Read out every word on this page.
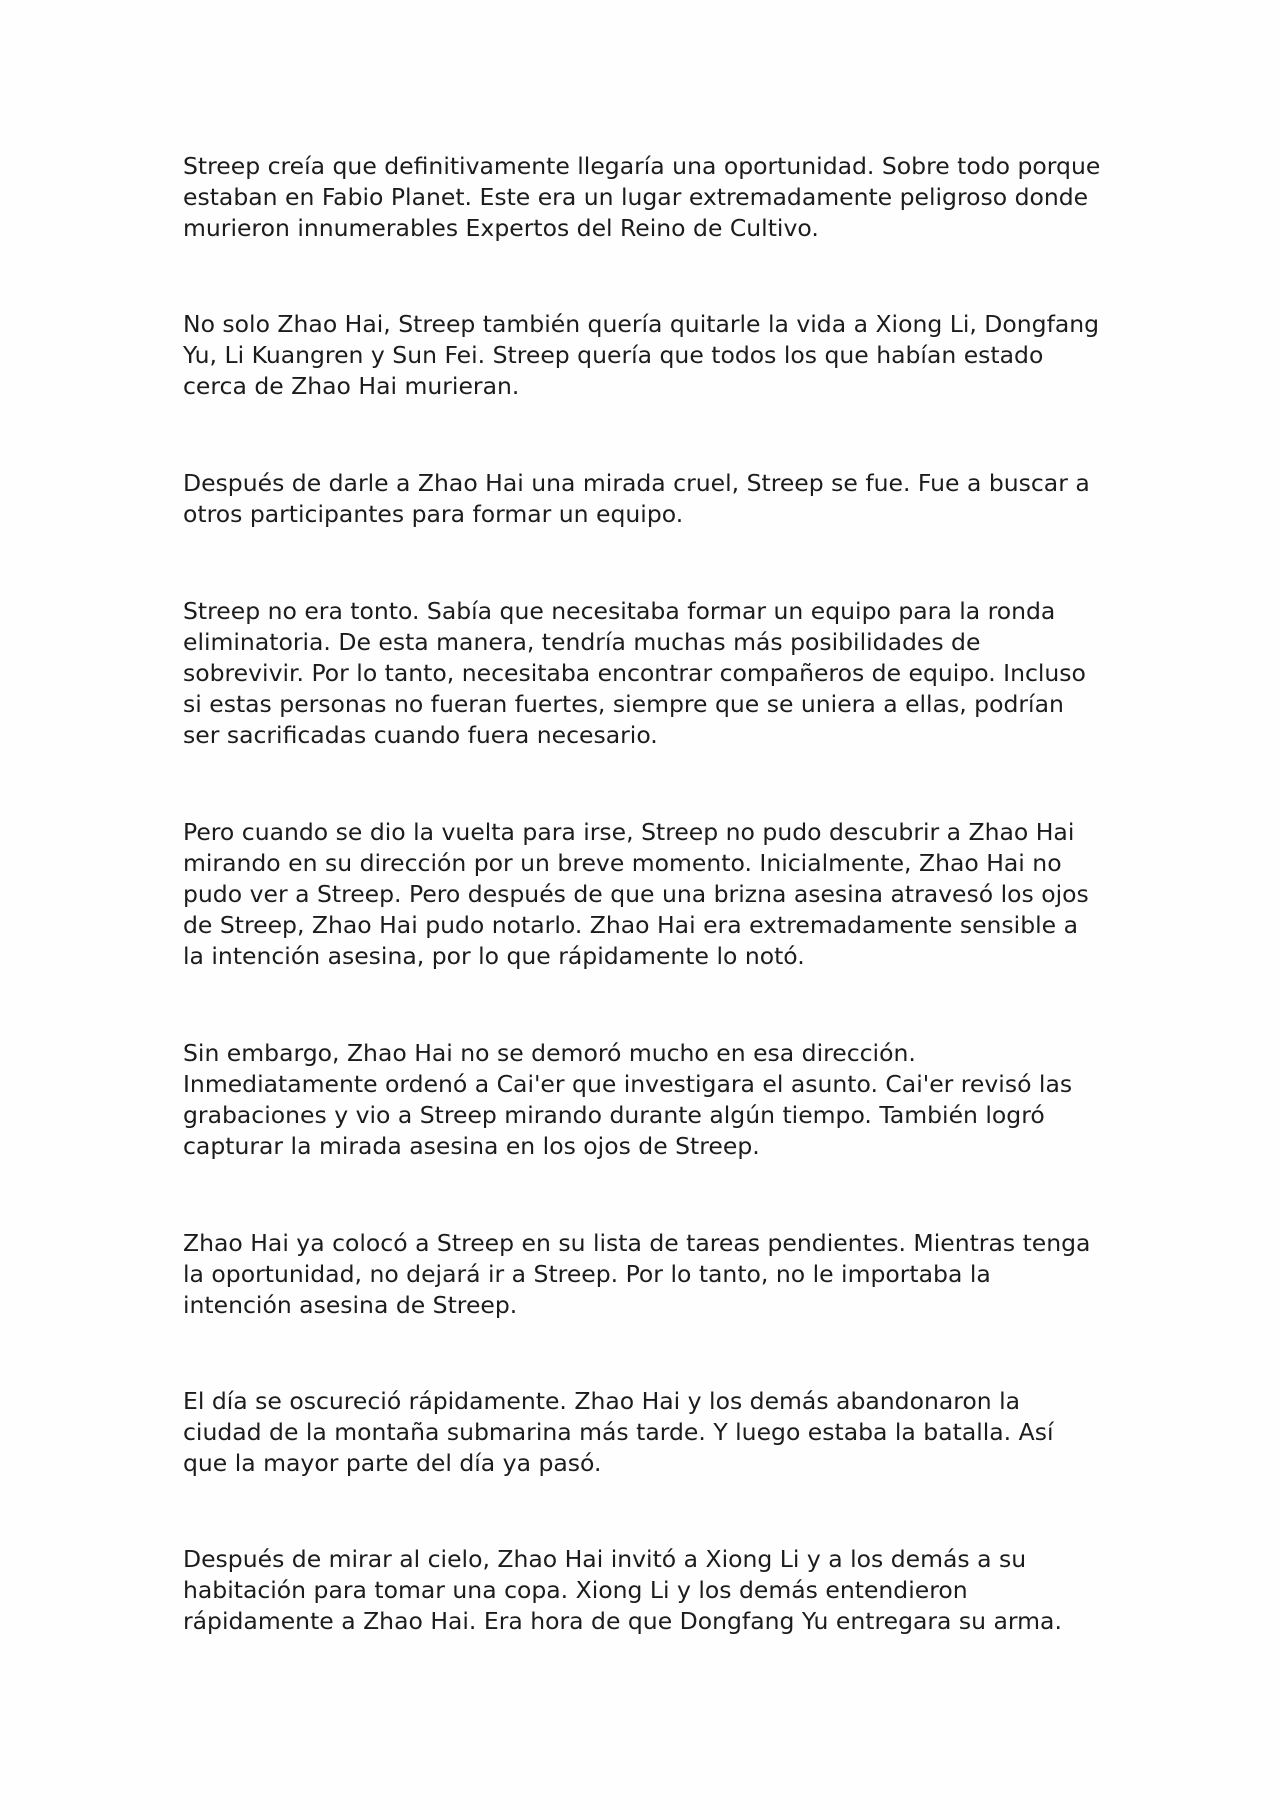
Streep creía que definitivamente llegaría una oportunidad. Sobre todo porque estaban en Fabio Planet. Este era un lugar extremadamente peligroso donde murieron innumerables Expertos del Reino de Cultivo.

No solo Zhao Hai, Streep también quería quitarle la vida a Xiong Li, Dongfang Yu, Li Kuangren y Sun Fei. Streep quería que todos los que habían estado cerca de Zhao Hai murieran.

Después de darle a Zhao Hai una mirada cruel, Streep se fue. Fue a buscar a otros participantes para formar un equipo.

Streep no era tonto. Sabía que necesitaba formar un equipo para la ronda eliminatoria. De esta manera, tendría muchas más posibilidades de sobrevivir. Por lo tanto, necesitaba encontrar compañeros de equipo. Incluso si estas personas no fueran fuertes, siempre que se uniera a ellas, podrían ser sacrificadas cuando fuera necesario.

Pero cuando se dio la vuelta para irse, Streep no pudo descubrir a Zhao Hai mirando en su dirección por un breve momento. Inicialmente, Zhao Hai no pudo ver a Streep. Pero después de que una brizna asesina atravesó los ojos de Streep, Zhao Hai pudo notarlo. Zhao Hai era extremadamente sensible a la intención asesina, por lo que rápidamente lo notó.

Sin embargo, Zhao Hai no se demoró mucho en esa dirección. Inmediatamente ordenó a Cai'er que investigara el asunto. Cai'er revisó las grabaciones y vio a Streep mirando durante algún tiempo. También logró capturar la mirada asesina en los ojos de Streep.

Zhao Hai ya colocó a Streep en su lista de tareas pendientes. Mientras tenga la oportunidad, no dejará ir a Streep. Por lo tanto, no le importaba la intención asesina de Streep.

El día se oscureció rápidamente. Zhao Hai y los demás abandonaron la ciudad de la montaña submarina más tarde. Y luego estaba la batalla. Así que la mayor parte del día ya pasó.

Después de mirar al cielo, Zhao Hai invitó a Xiong Li y a los demás a su habitación para tomar una copa. Xiong Li y los demás entendieron rápidamente a Zhao Hai. Era hora de que Dongfang Yu entregara su arma.
